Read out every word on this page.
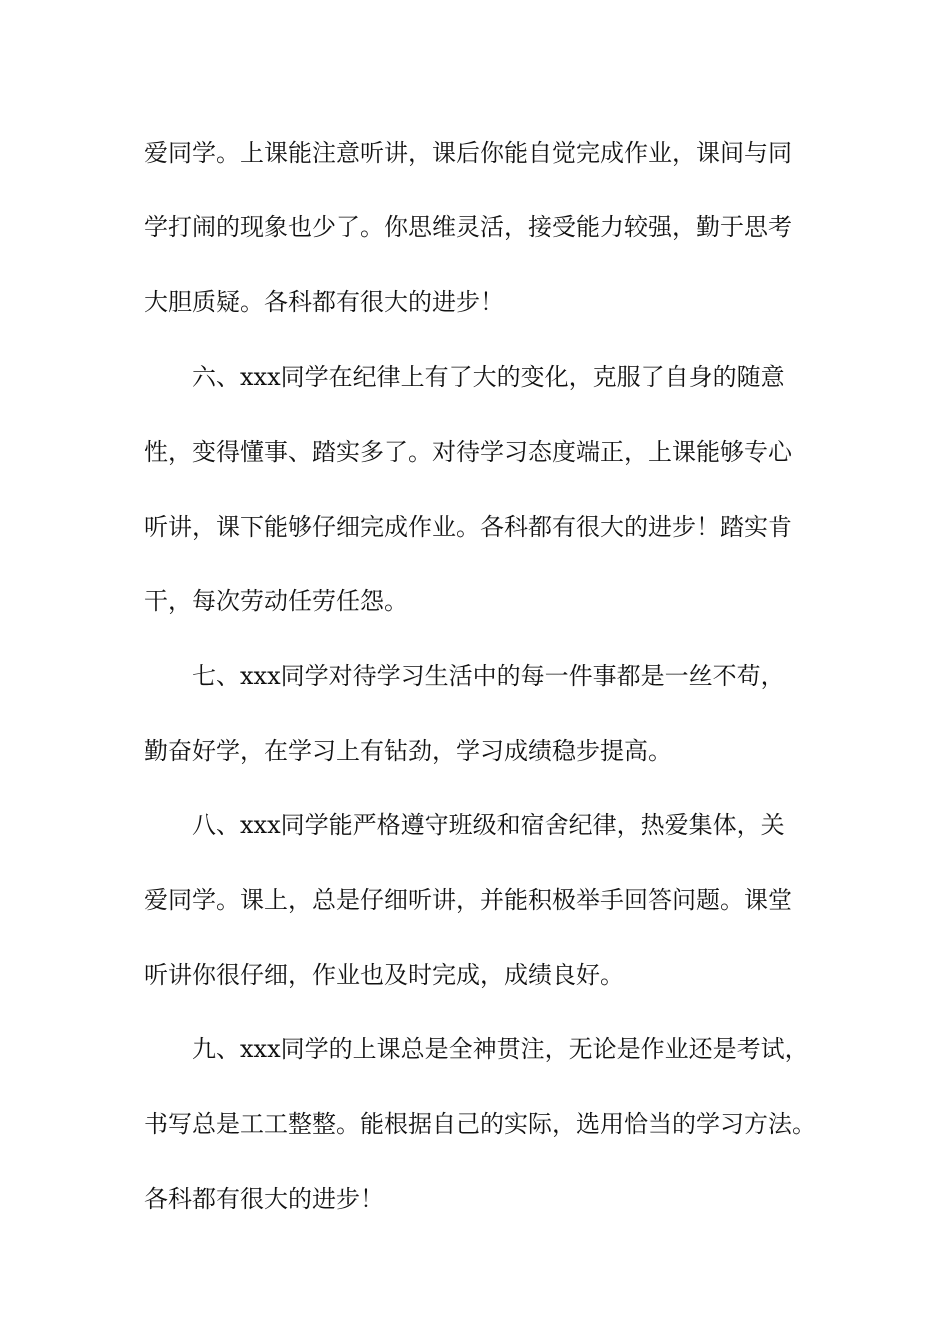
爱同学。上课能注意听讲，课后你能自觉完成作业，课间与同

学打闹的现象也少了。你思维灵活，接受能力较强，勤于思考

大胆质疑。各科都有很大的进步！

六、xxx同学在纪律上有了大的变化，克服了自身的随意

性，变得懂事、踏实多了。对待学习态度端正，上课能够专心

听讲，课下能够仔细完成作业。各科都有很大的进步！踏实肯

干，每次劳动任劳任怨。

七、xxx同学对待学习生活中的每一件事都是一丝不苟，

勤奋好学，在学习上有钻劲，学习成绩稳步提高。

八、xxx同学能严格遵守班级和宿舍纪律，热爱集体，关

爱同学。课上，总是仔细听讲，并能积极举手回答问题。课堂

听讲你很仔细，作业也及时完成，成绩良好。

九、xxx同学的上课总是全神贯注，无论是作业还是考试，

书写总是工工整整。能根据自己的实际，选用恰当的学习方法。

各科都有很大的进步！
